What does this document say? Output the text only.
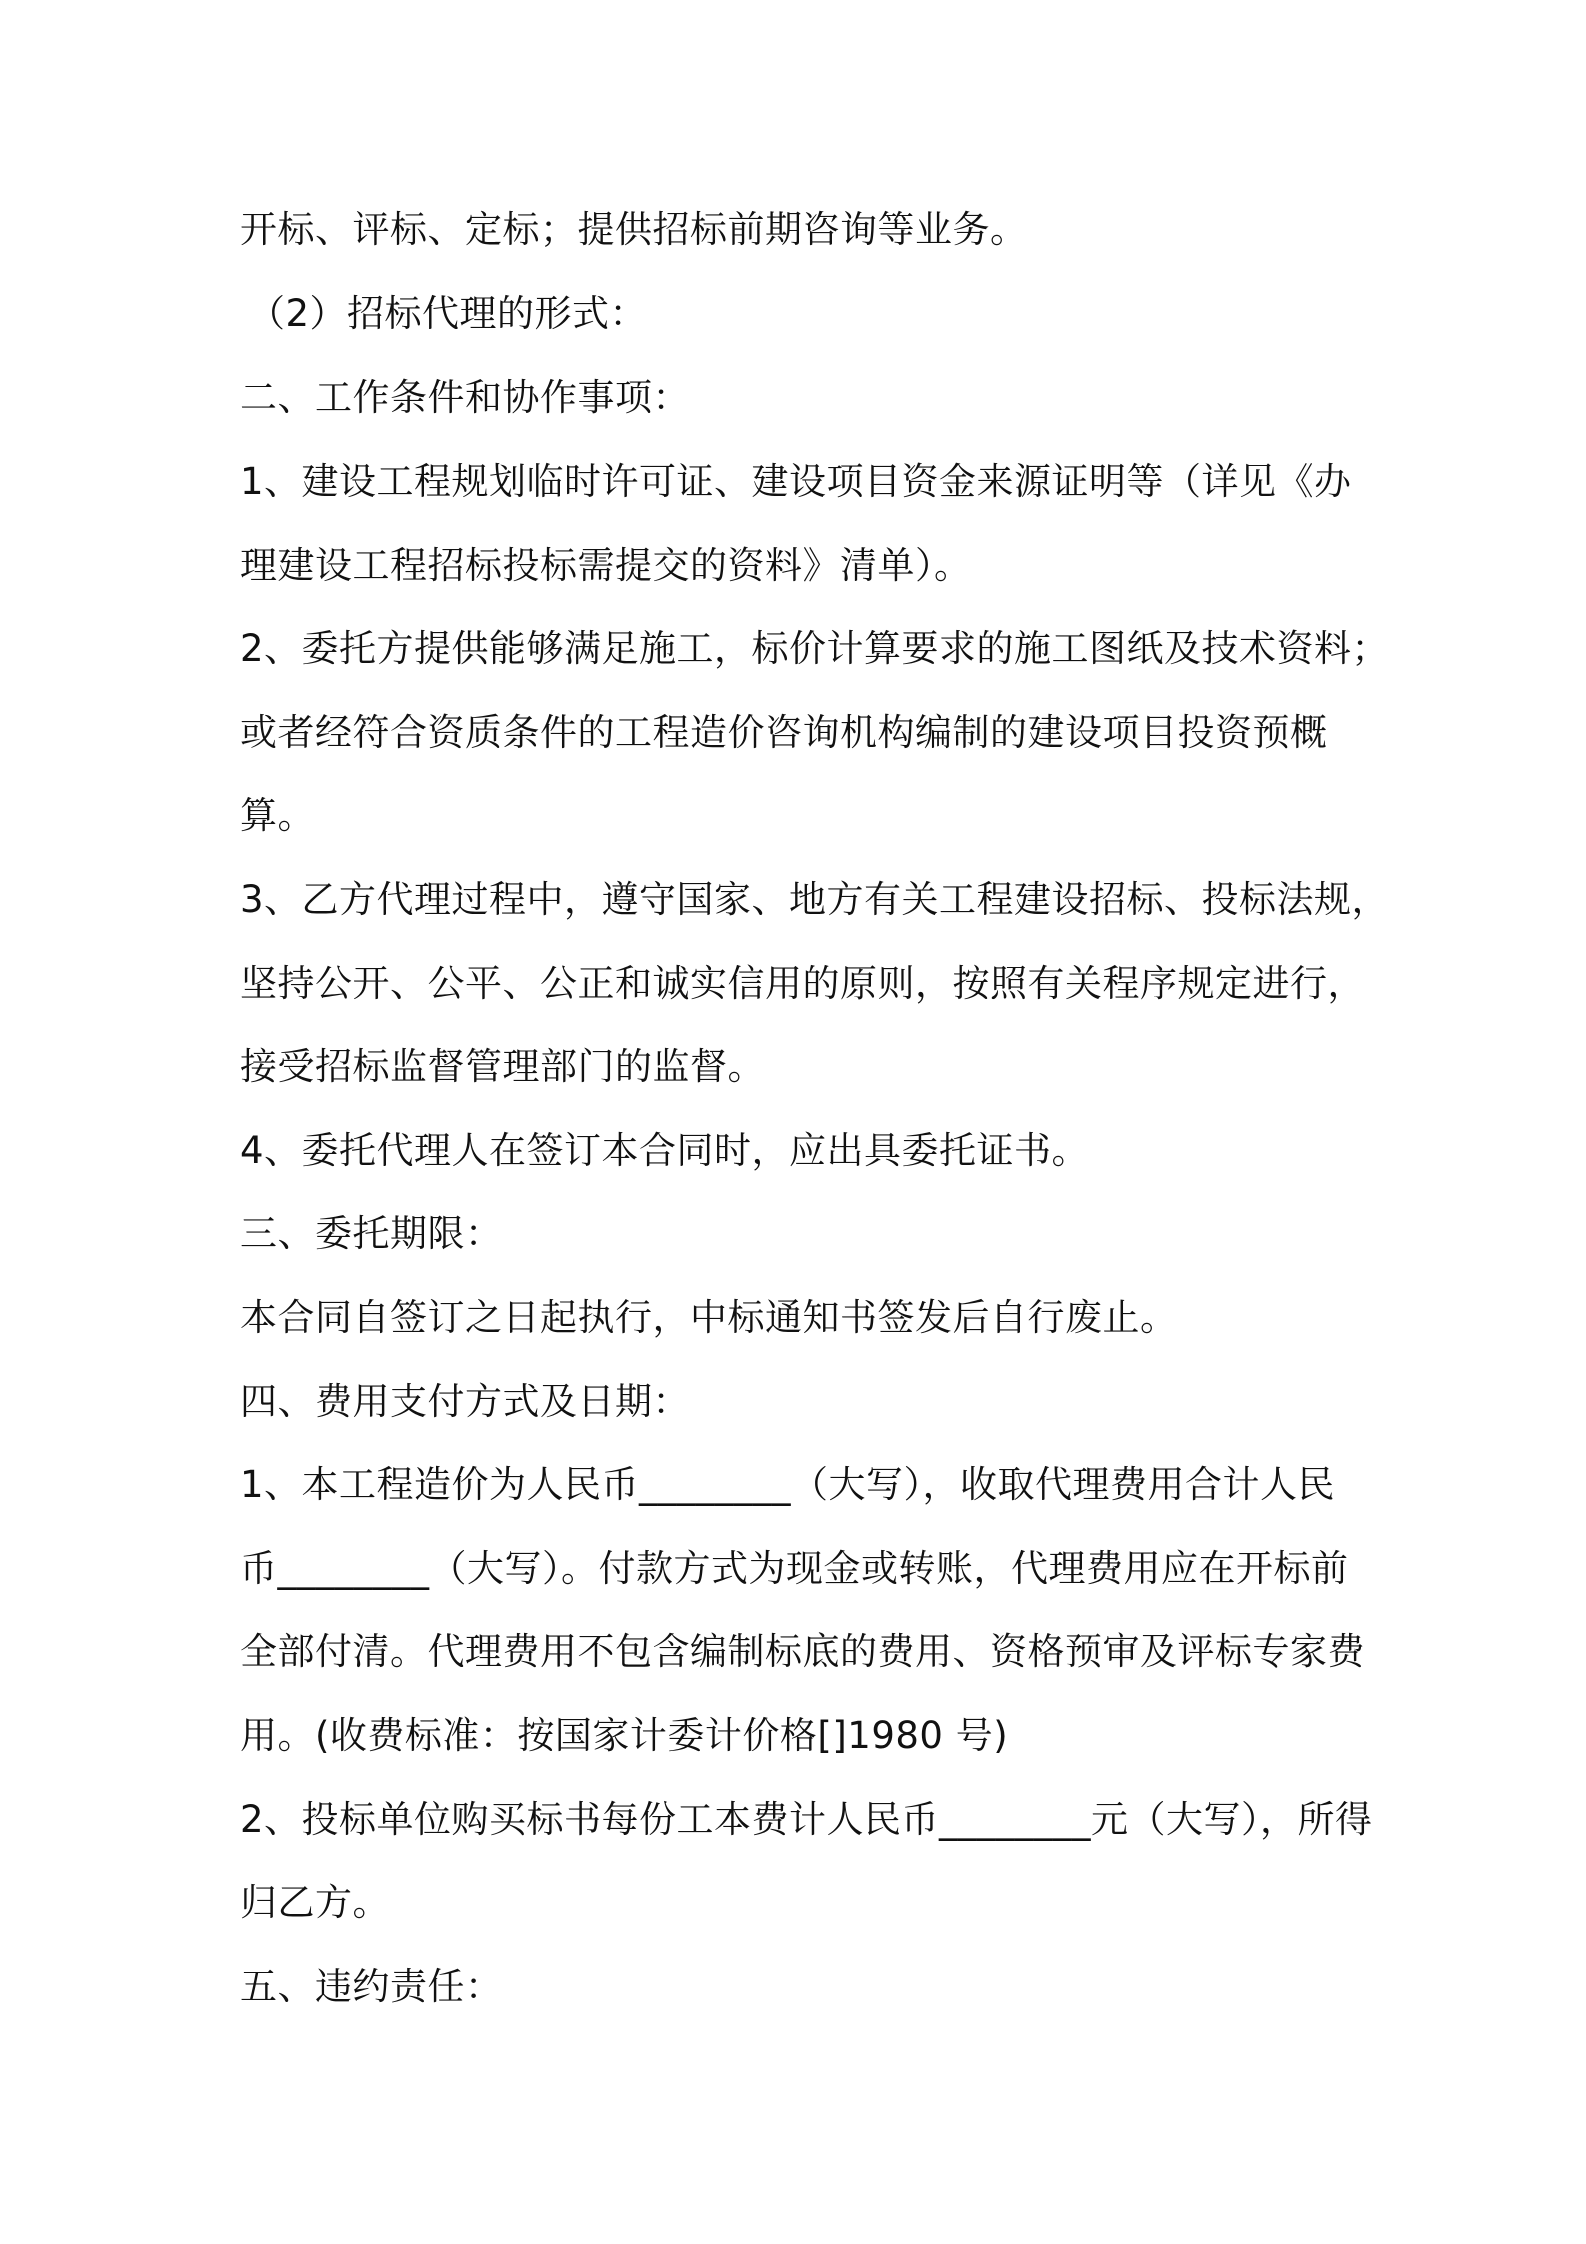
开标、评标、定标；提供招标前期咨询等业务。
（2）招标代理的形式：
二、工作条件和协作事项：
1、建设工程规划临时许可证、建设项目资金来源证明等（详见《办
理建设工程招标投标需提交的资料》清单）。
2、委托方提供能够满足施工，标价计算要求的施工图纸及技术资料；
或者经符合资质条件的工程造价咨询机构编制的建设项目投资预概
算。
3、乙方代理过程中，遵守国家、地方有关工程建设招标、投标法规，
坚持公开、公平、公正和诚实信用的原则，按照有关程序规定进行，
接受招标监督管理部门的监督。
4、委托代理人在签订本合同时，应出具委托证书。
三、委托期限：
本合同自签订之日起执行，中标通知书签发后自行废止。
四、费用支付方式及日期：
1、本工程造价为人民币________（大写），收取代理费用合计人民
币________（大写）。付款方式为现金或转账，代理费用应在开标前
全部付清。代理费用不包含编制标底的费用、资格预审及评标专家费
用。(收费标准：按国家计委计价格[]1980 号)
2、投标单位购买标书每份工本费计人民币________元（大写），所得
归乙方。
五、违约责任：
